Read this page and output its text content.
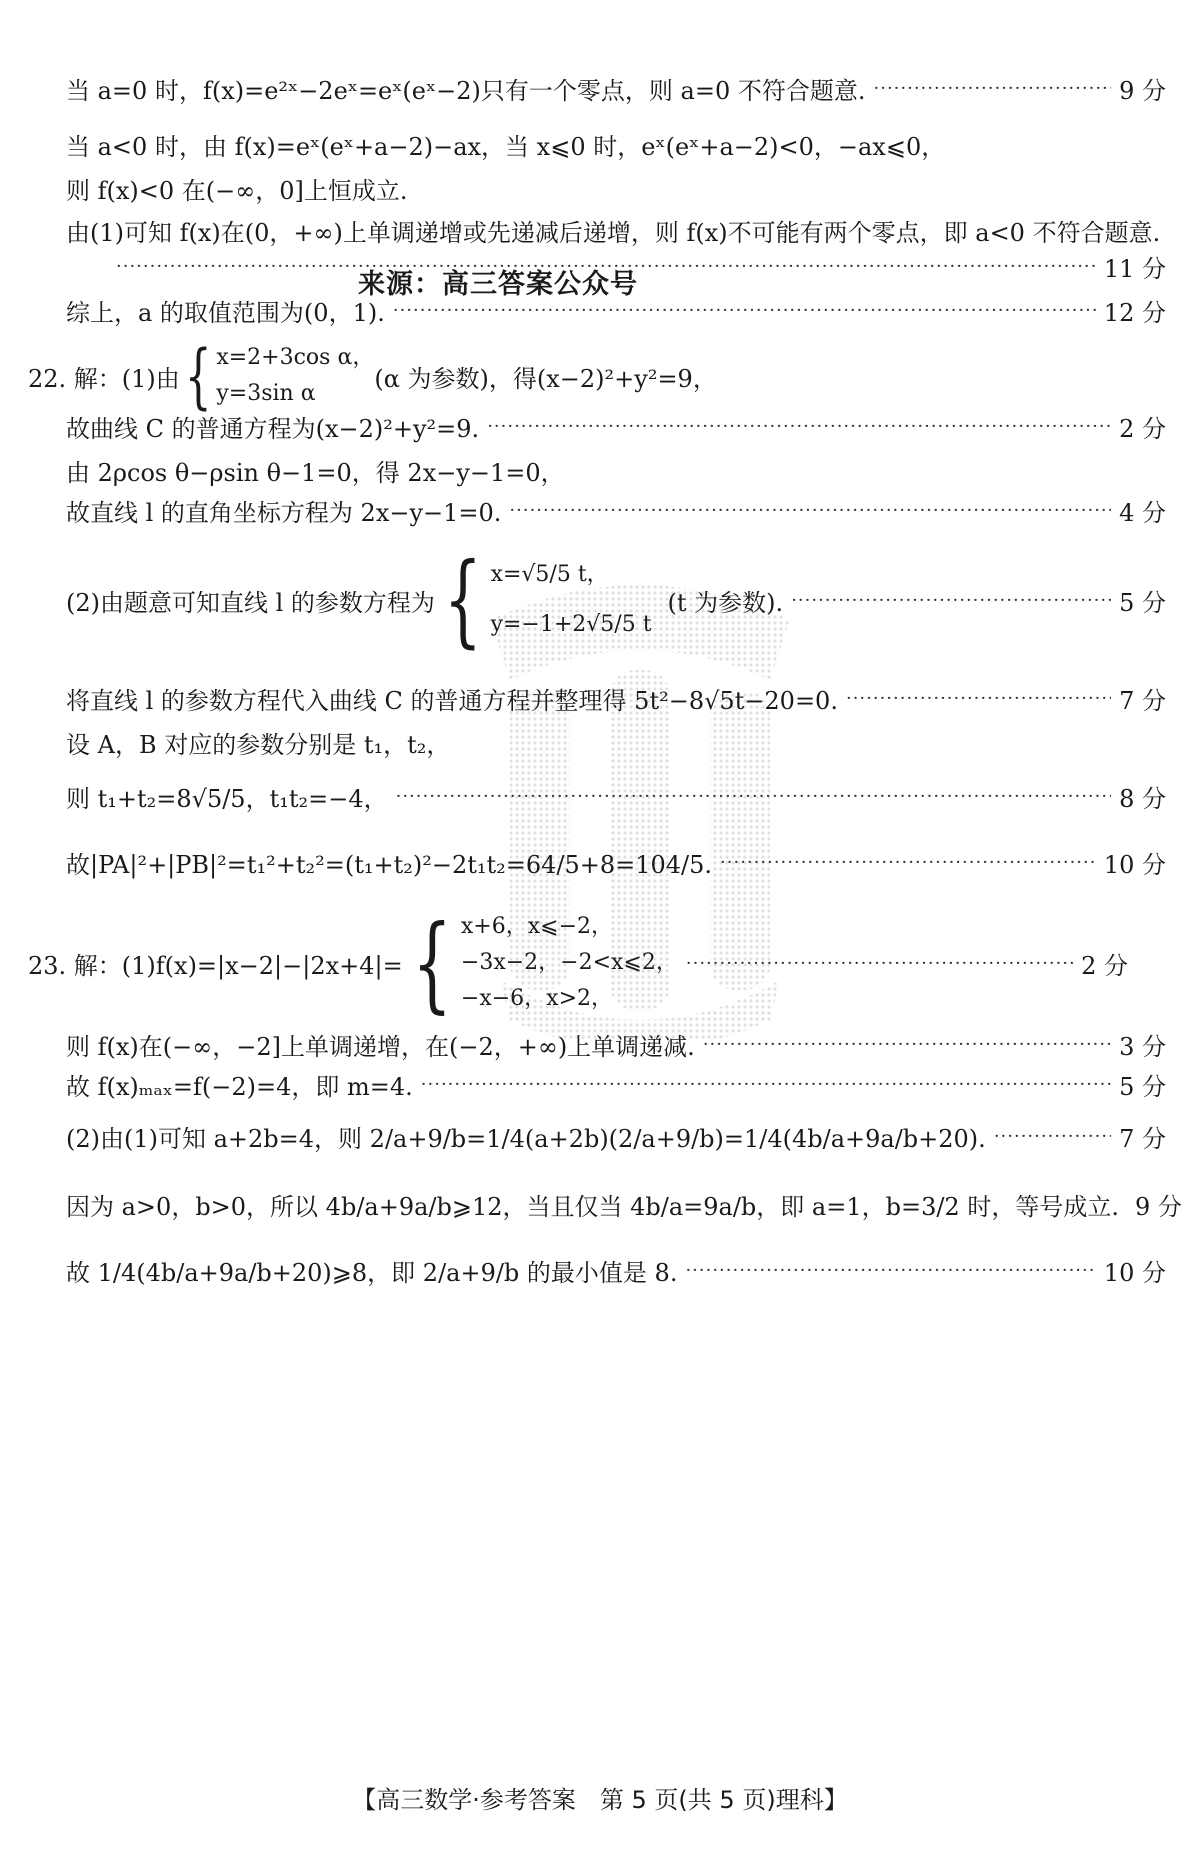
当 a=0 时，f(x)=e²ˣ−2eˣ=eˣ(eˣ−2)只有一个零点，则 a=0 不符合题意. ·····	9 分
当 a<0 时，由 f(x)=eˣ(eˣ+a−2)−ax，当 x⩽0 时，eˣ(eˣ+a−2)<0，−ax⩽0，
则 f(x)<0 在(−∞，0]上恒成立.
由(1)可知 f(x)在(0，+∞)上单调递增或先递减后递增，则 f(x)不可能有两个零点，即 a<0 不符合题意.
·····
11 分
来源：高三答案公众号
综上，a 的取值范围为(0，1). ·····	12 分
22. 解：(1)由 { x=2+3cos α，
y=3sin α
(α 为参数)，得(x−2)²+y²=9，
故曲线 C 的普通方程为(x−2)²+y²=9. ·····	2 分
由 2ρcos θ−ρsin θ−1=0，得 2x−y−1=0，
故直线 l 的直角坐标方程为 2x−y−1=0. ·····	4 分
(2)由题意可知直线 l 的参数方程为 { x=√5/5 t，
y=−1+2√5/5 t
(t 为参数). ·····	5 分
将直线 l 的参数方程代入曲线 C 的普通方程并整理得 5t²−8√5t−20=0. ·····	7 分
设 A，B 对应的参数分别是 t₁，t₂，
则 t₁+t₂=8√5/5，t₁t₂=−4， ·····	8 分
故|PA|²+|PB|²=t₁²+t₂²=(t₁+t₂)²−2t₁t₂=64/5+8=104/5. ·····	10 分
23. 解：(1)f(x)=|x−2|−|2x+4|= { x+6，x⩽−2，
−3x−2，−2<x⩽2，
−x−6，x>2，
·····
2 分
则 f(x)在(−∞，−2]上单调递增，在(−2，+∞)上单调递减. ·····	3 分
故 f(x)ₘₐₓ=f(−2)=4，即 m=4. ·····	5 分
(2)由(1)可知 a+2b=4，则 2/a+9/b=1/4(a+2b)(2/a+9/b)=1/4(4b/a+9a/b+20). ·····	7 分
因为 a>0，b>0，所以 4b/a+9a/b⩾12，当且仅当 4b/a=9a/b，即 a=1，b=3/2 时，等号成立. 9 分
故 1/4(4b/a+9a/b+20)⩾8，即 2/a+9/b 的最小值是 8. ·····	10 分
【高三数学·参考答案　第 5 页(共 5 页)理科】
